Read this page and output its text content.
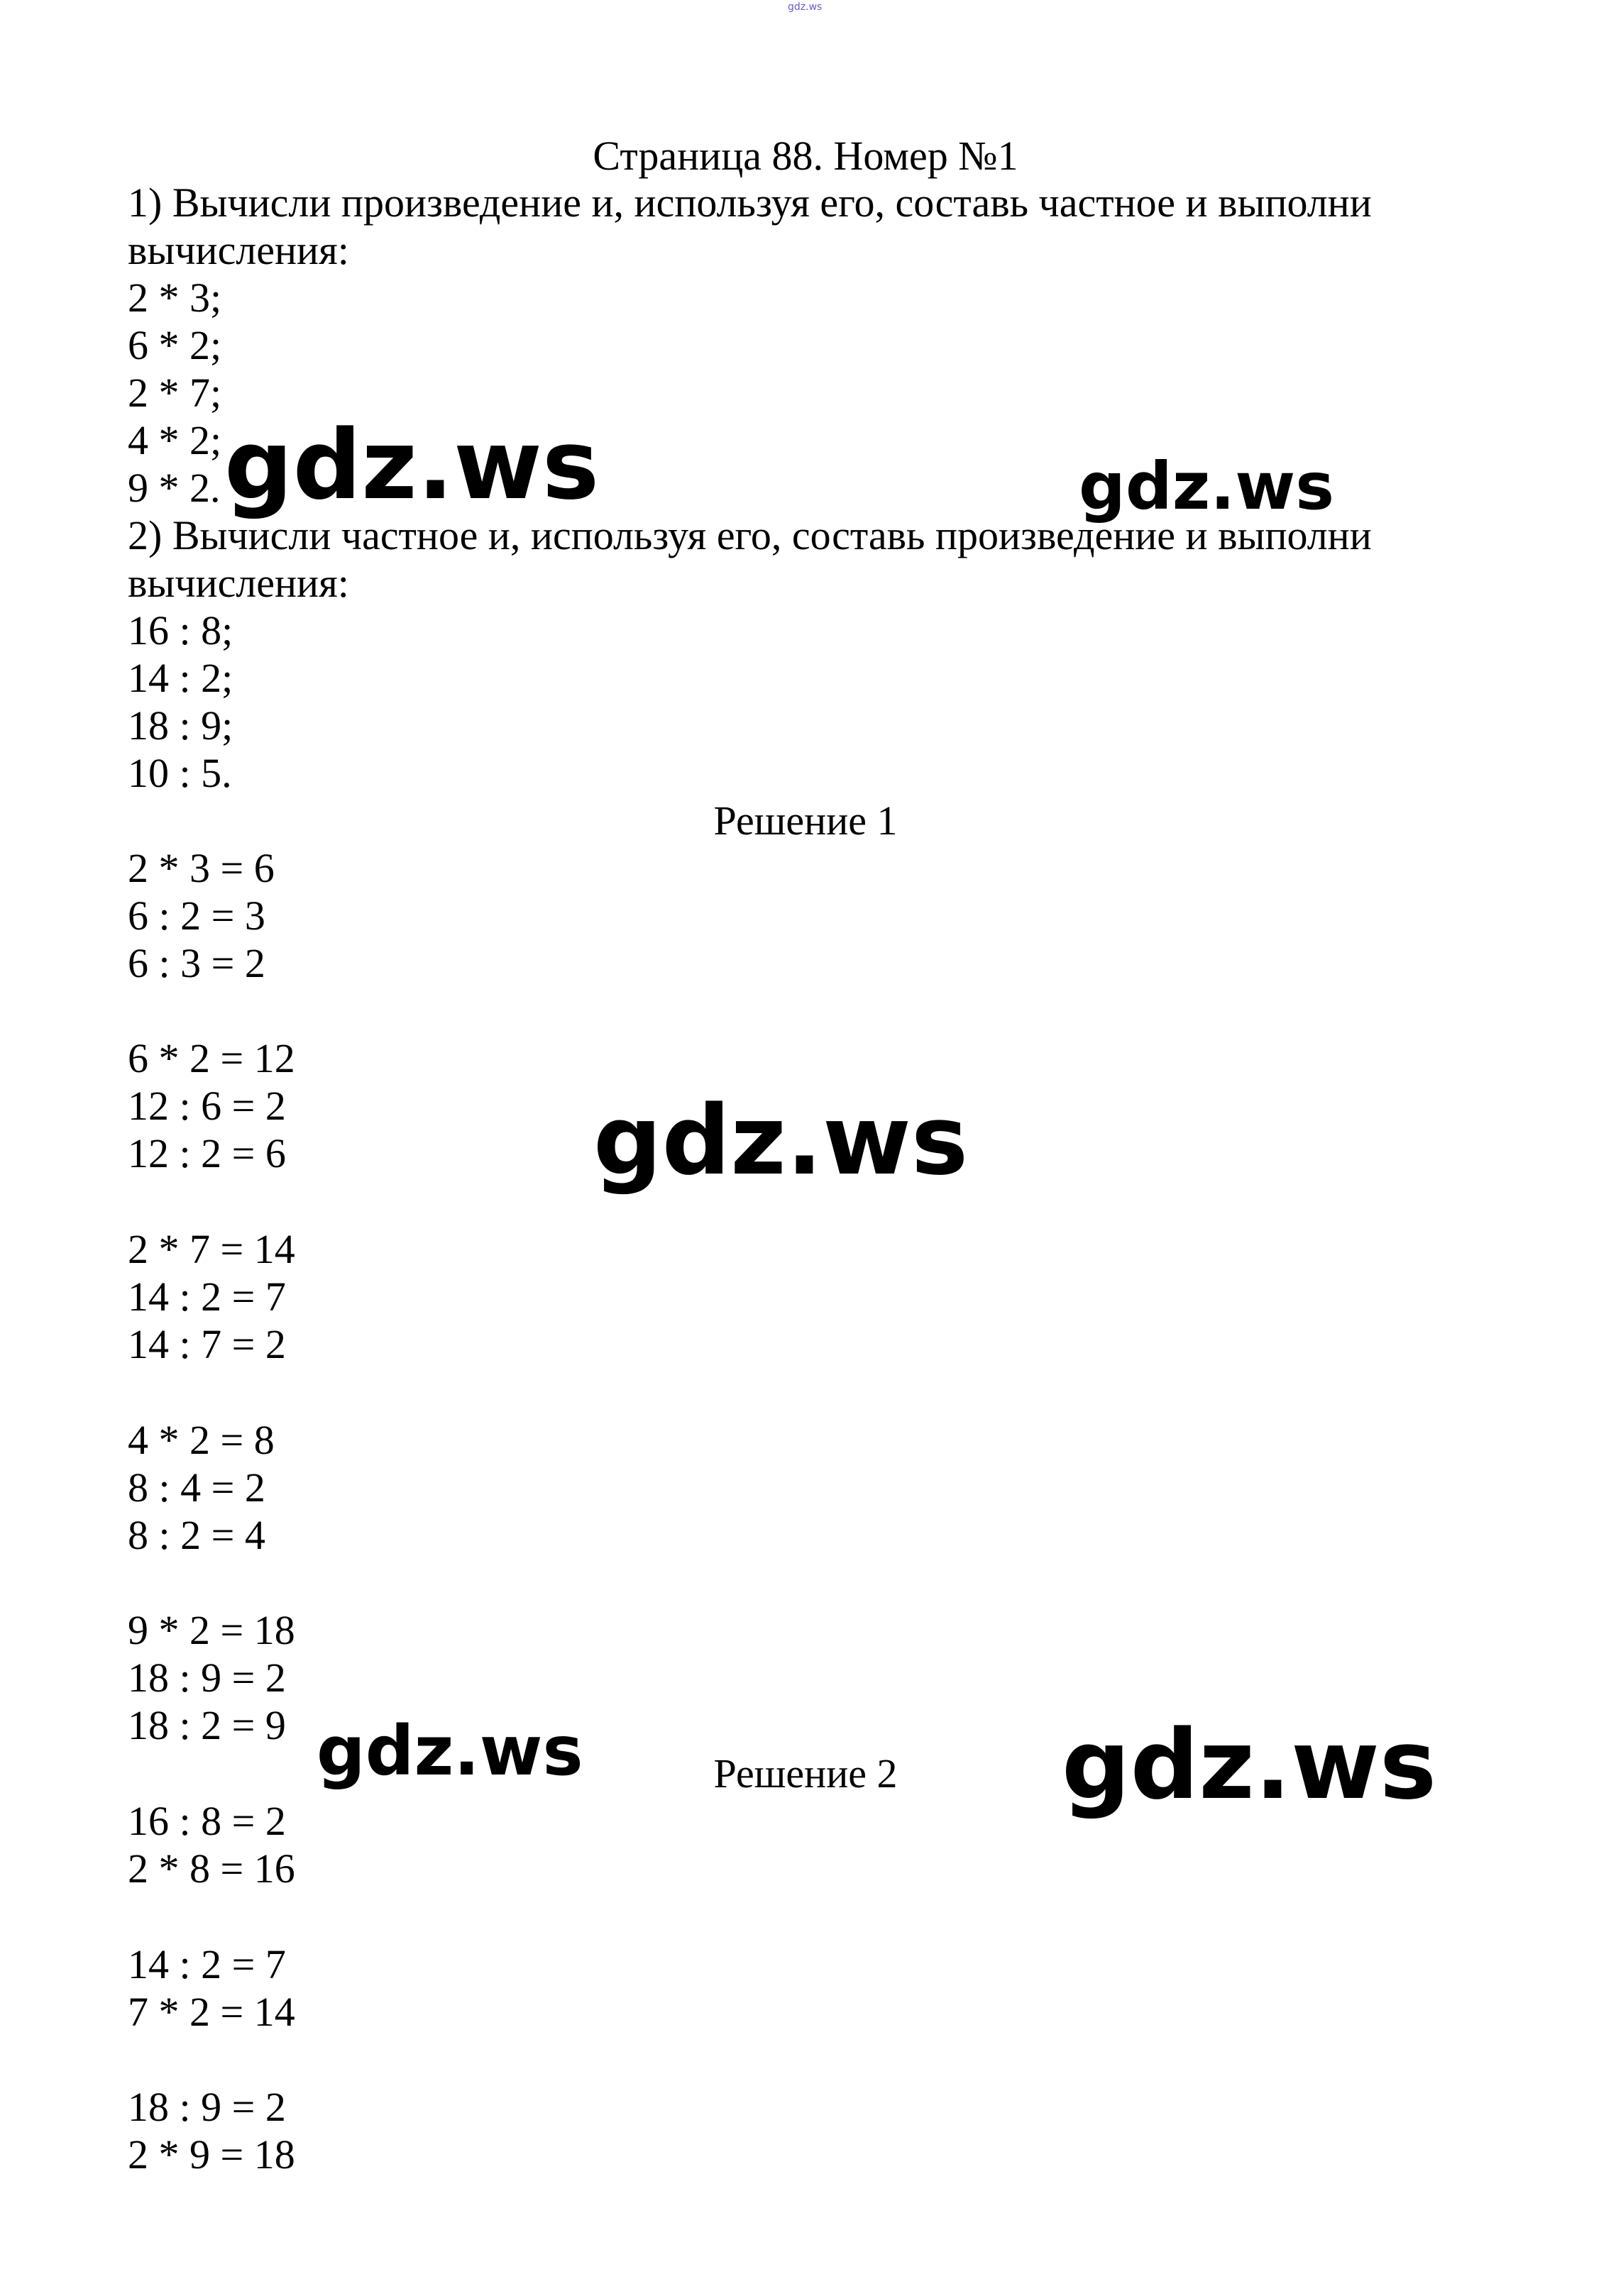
gdz.ws
Страница 88. Номер №1
1) Вычисли произведение и, используя его, составь частное и выполни
вычисления:
2 * 3;
6 * 2;
2 * 7;
4 * 2;
9 * 2.
2) Вычисли частное и, используя его, составь произведение и выполни
вычисления:
16 : 8;
14 : 2;
18 : 9;
10 : 5.
Решение 1
2 * 3 = 6
6 : 2 = 3
6 : 3 = 2
6 * 2 = 12
12 : 6 = 2
12 : 2 = 6
2 * 7 = 14
14 : 2 = 7
14 : 7 = 2
4 * 2 = 8
8 : 4 = 2
8 : 2 = 4
9 * 2 = 18
18 : 9 = 2
18 : 2 = 9
Решение 2
16 : 8 = 2
2 * 8 = 16
14 : 2 = 7
7 * 2 = 14
18 : 9 = 2
2 * 9 = 18
gdz.ws	gdz.ws
gdz.ws
gdz.ws	gdz.ws
